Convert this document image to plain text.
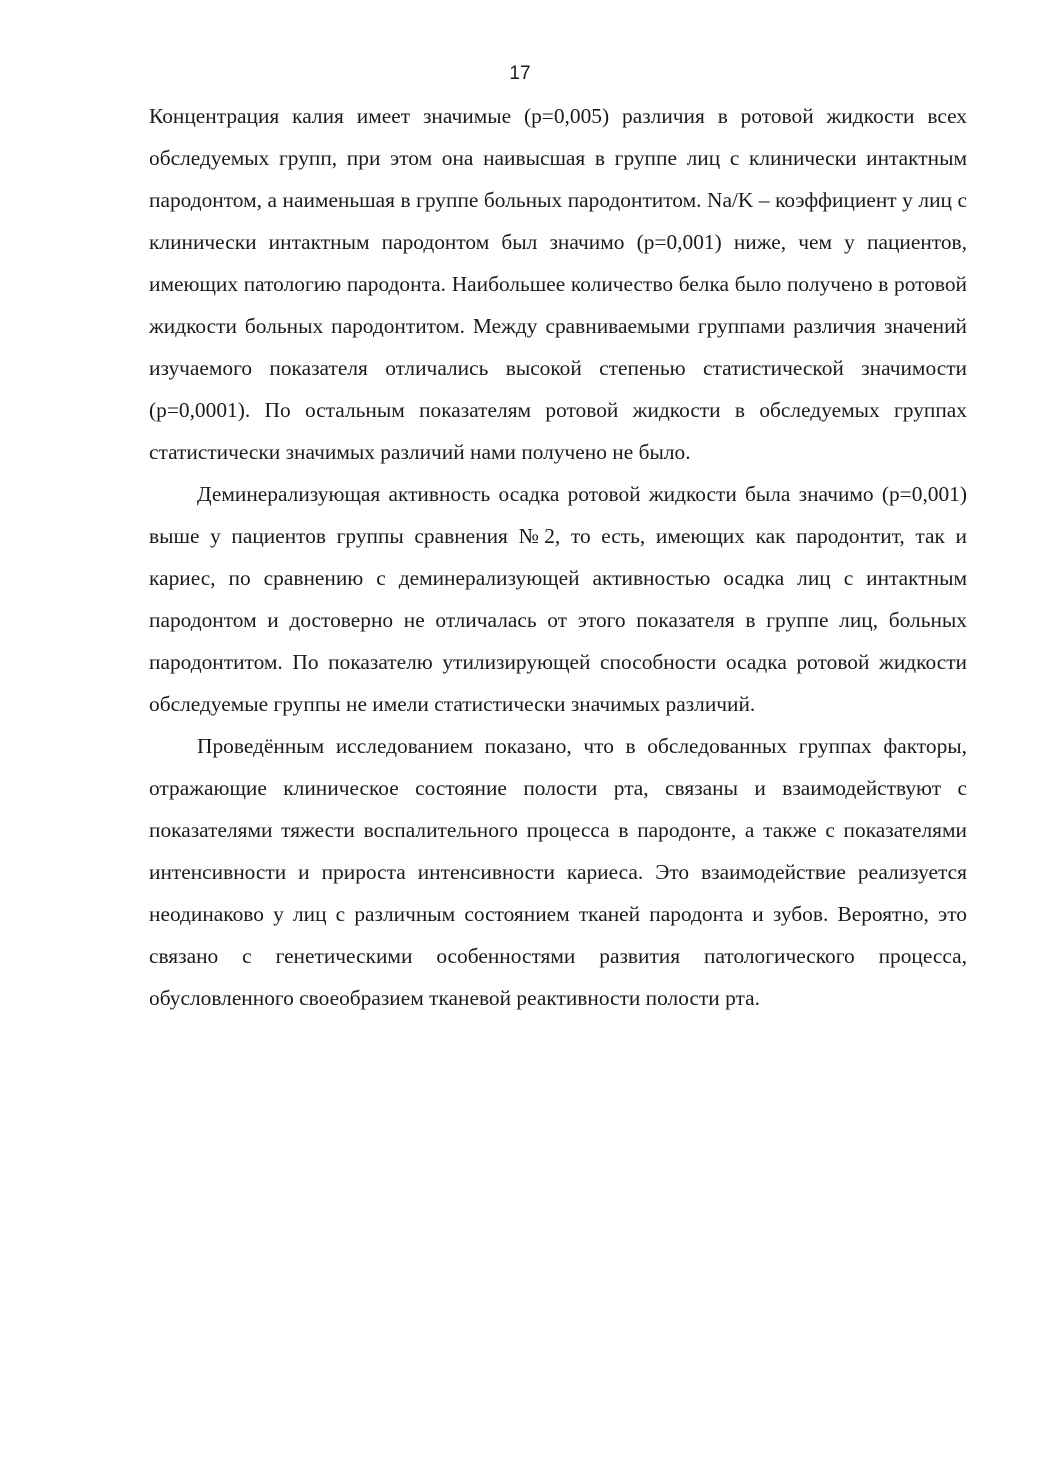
17

Концентрация калия имеет значимые (р=0,005) различия в ротовой жидкости всех обследуемых групп, при этом она наивысшая в группе лиц с клинически интактным пародонтом, а наименьшая в группе больных пародонтитом. Na/K – коэффициент у лиц с клинически интактным пародонтом был значимо (р=0,001) ниже, чем у пациентов, имеющих патологию пародонта. Наибольшее количество белка было получено в ротовой жидкости больных пародонтитом. Между сравниваемыми группами различия значений изучаемого показателя отличались высокой степенью статистической значимости (р=0,0001). По остальным показателям ротовой жидкости в обследуемых группах статистически значимых различий нами получено не было.

Деминерализующая активность осадка ротовой жидкости была значимо (р=0,001) выше у пациентов группы сравнения №2, то есть, имеющих как пародонтит, так и кариес, по сравнению с деминерализующей активностью осадка лиц с интактным пародонтом и достоверно не отличалась от этого показателя в группе лиц, больных пародонтитом. По показателю утилизирующей способности осадка ротовой жидкости обследуемые группы не имели статистически значимых различий.

Проведённым исследованием показано, что в обследованных группах факторы, отражающие клиническое состояние полости рта, связаны и взаимодействуют с показателями тяжести воспалительного процесса в пародонте, а также с показателями интенсивности и прироста интенсивности кариеса. Это взаимодействие реализуется неодинаково у лиц с различным состоянием тканей пародонта и зубов. Вероятно, это связано с генетическими особенностями развития патологического процесса, обусловленного своеобразием тканевой реактивности полости рта.
